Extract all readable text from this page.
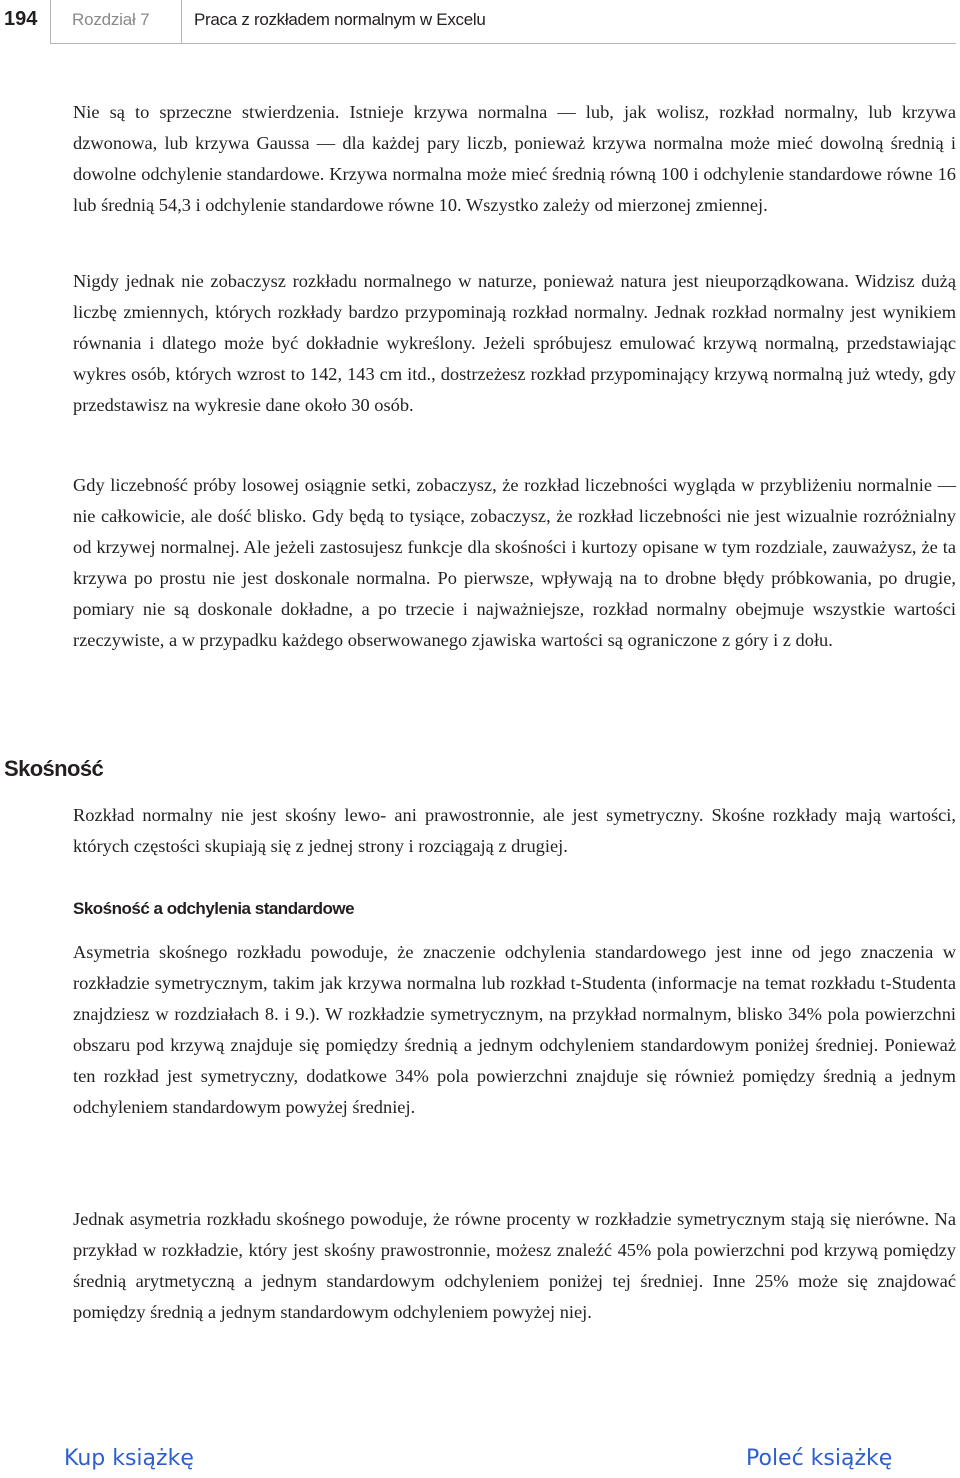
194 Rozdział 7	Praca z rozkładem normalnym w Excelu

Nie są to sprzeczne stwierdzenia. Istnieje krzywa normalna — lub, jak wolisz, rozkład normalny, lub krzywa dzwonowa, lub krzywa Gaussa — dla każdej pary liczb, ponieważ krzywa normalna może mieć dowolną średnią i dowolne odchylenie standardowe. Krzywa normalna może mieć średnią równą 100 i odchylenie standardowe równe 16 lub średnią 54,3 i odchylenie standardowe równe 10. Wszystko zależy od mierzonej zmiennej.

Nigdy jednak nie zobaczysz rozkładu normalnego w naturze, ponieważ natura jest nieuporządkowana. Widzisz dużą liczbę zmiennych, których rozkłady bardzo przypominają rozkład normalny. Jednak rozkład normalny jest wynikiem równania i dlatego może być dokładnie wykreślony. Jeżeli spróbujesz emulować krzywą normalną, przedstawiając wykres osób, których wzrost to 142, 143 cm itd., dostrzeżesz rozkład przypominający krzywą normalną już wtedy, gdy przedstawisz na wykresie dane około 30 osób.

Gdy liczebność próby losowej osiągnie setki, zobaczysz, że rozkład liczebności wygląda w przybliżeniu normalnie — nie całkowicie, ale dość blisko. Gdy będą to tysiące, zobaczysz, że rozkład liczebności nie jest wizualnie rozróżnialny od krzywej normalnej. Ale jeżeli zastosujesz funkcje dla skośności i kurtozy opisane w tym rozdziale, zauważysz, że ta krzywa po prostu nie jest doskonale normalna. Po pierwsze, wpływają na to drobne błędy próbkowania, po drugie, pomiary nie są doskonale dokładne, a po trzecie i najważniejsze, rozkład normalny obejmuje wszystkie wartości rzeczywiste, a w przypadku każdego obserwowanego zjawiska wartości są ograniczone z góry i z dołu.

Skośność

Rozkład normalny nie jest skośny lewo- ani prawostronnie, ale jest symetryczny. Skośne rozkłady mają wartości, których częstości skupiają się z jednej strony i rozciągają z drugiej.

Skośność a odchylenia standardowe

Asymetria skośnego rozkładu powoduje, że znaczenie odchylenia standardowego jest inne od jego znaczenia w rozkładzie symetrycznym, takim jak krzywa normalna lub rozkład t-Studenta (informacje na temat rozkładu t-Studenta znajdziesz w rozdziałach 8. i 9.). W rozkładzie symetrycznym, na przykład normalnym, blisko 34% pola powierzchni obszaru pod krzywą znajduje się pomiędzy średnią a jednym odchyleniem standardowym poniżej średniej. Ponieważ ten rozkład jest symetryczny, dodatkowe 34% pola powierzchni znajduje się również pomiędzy średnią a jednym odchyleniem standardowym powyżej średniej.

Jednak asymetria rozkładu skośnego powoduje, że równe procenty w rozkładzie symetrycznym stają się nierówne. Na przykład w rozkładzie, który jest skośny prawostronnie, możesz znaleźć 45% pola powierzchni pod krzywą pomiędzy średnią arytmetyczną a jednym standardowym odchyleniem poniżej tej średniej. Inne 25% może się znajdować pomiędzy średnią a jednym standardowym odchyleniem powyżej niej.

Kup książkę	Poleć książkę
